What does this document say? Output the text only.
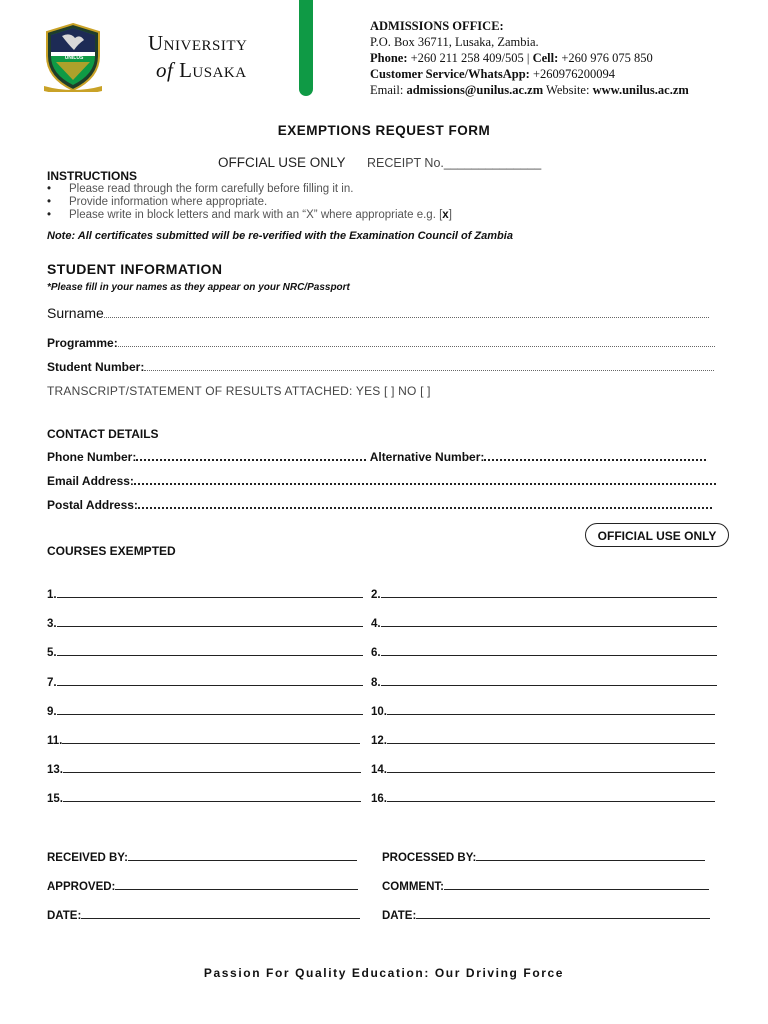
UNILUS
University
of Lusaka
ADMISSIONS OFFICE:
P.O. Box 36711, Lusaka, Zambia.
Phone: +260 211 258 409/505 | Cell: +260 976 075 850
Customer Service/WhatsApp: +260976200094
Email: admissions@unilus.ac.zm Website: www.unilus.ac.zm
EXEMPTIONS REQUEST FORM
OFFCIAL USE ONLY RECEIPT No.______________
INSTRUCTIONS
• Please read through the form carefully before filling it in.
• Provide information where appropriate.
• Please write in block letters and mark with an “X” where appropriate e.g. [x]
Note: All certificates submitted will be re-verified with the Examination Council of Zambia
STUDENT INFORMATION
*Please fill in your names as they appear on your NRC/Passport
Surname
Programme:
Student Number:
TRANSCRIPT/STATEMENT OF RESULTS ATTACHED: YES [ ] NO [ ]
CONTACT DETAILS
Phone Number:	Alternative Number:
Email Address:
Postal Address:
OFFICIAL USE ONLY
COURSES EXEMPTED
1.	2.
3.	4.
5.	6.
7.	8.
9.	10.
11.	12.
13.	14.
15.	16.
RECEIVED BY:	PROCESSED BY:
APPROVED:	COMMENT:
DATE:	DATE:
Passion For Quality Education: Our Driving Force
